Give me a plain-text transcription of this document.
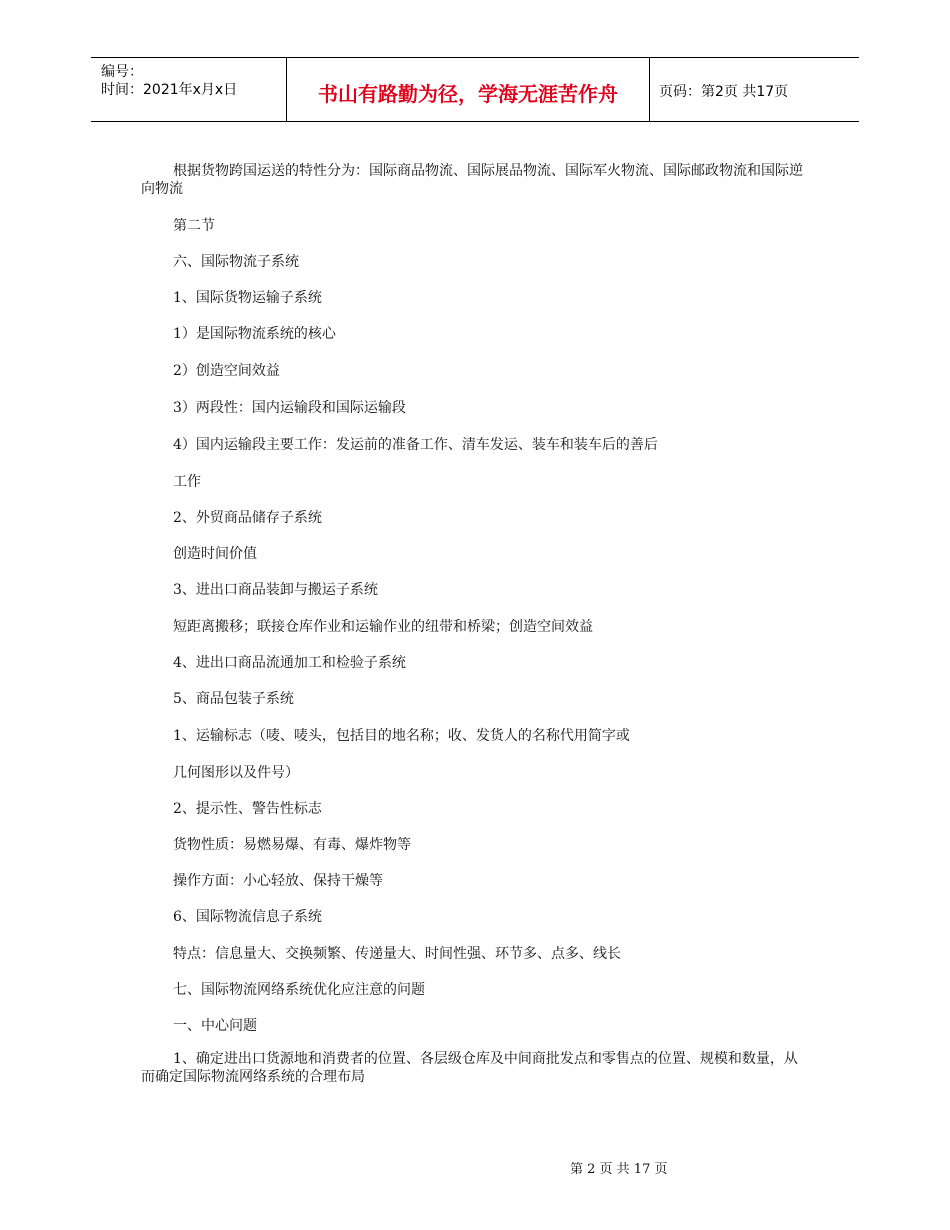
编号：
时间：2021年x月x日	书山有路勤为径，学海无涯苦作舟	页码：第2页 共17页
根据货物跨国运送的特性分为：国际商品物流、国际展品物流、国际军火物流、国际邮政物流和国际逆向物流
第二节
六、国际物流子系统
1、国际货物运输子系统
1）是国际物流系统的核心
2）创造空间效益
3）两段性：国内运输段和国际运输段
4）国内运输段主要工作：发运前的准备工作、清车发运、装车和装车后的善后
工作
2、外贸商品储存子系统
创造时间价值
3、进出口商品装卸与搬运子系统
短距离搬移；联接仓库作业和运输作业的纽带和桥梁；创造空间效益
4、进出口商品流通加工和检验子系统
5、商品包装子系统
1、运输标志（唛、唛头，包括目的地名称；收、发货人的名称代用简字或
几何图形以及件号）
2、提示性、警告性标志
货物性质：易燃易爆、有毒、爆炸物等
操作方面：小心轻放、保持干燥等
6、国际物流信息子系统
特点：信息量大、交换频繁、传递量大、时间性强、环节多、点多、线长
七、国际物流网络系统优化应注意的问题
一、中心问题
1、确定进出口货源地和消费者的位置、各层级仓库及中间商批发点和零售点的位置、规模和数量，从而确定国际物流网络系统的合理布局
第 2 页 共 17 页
